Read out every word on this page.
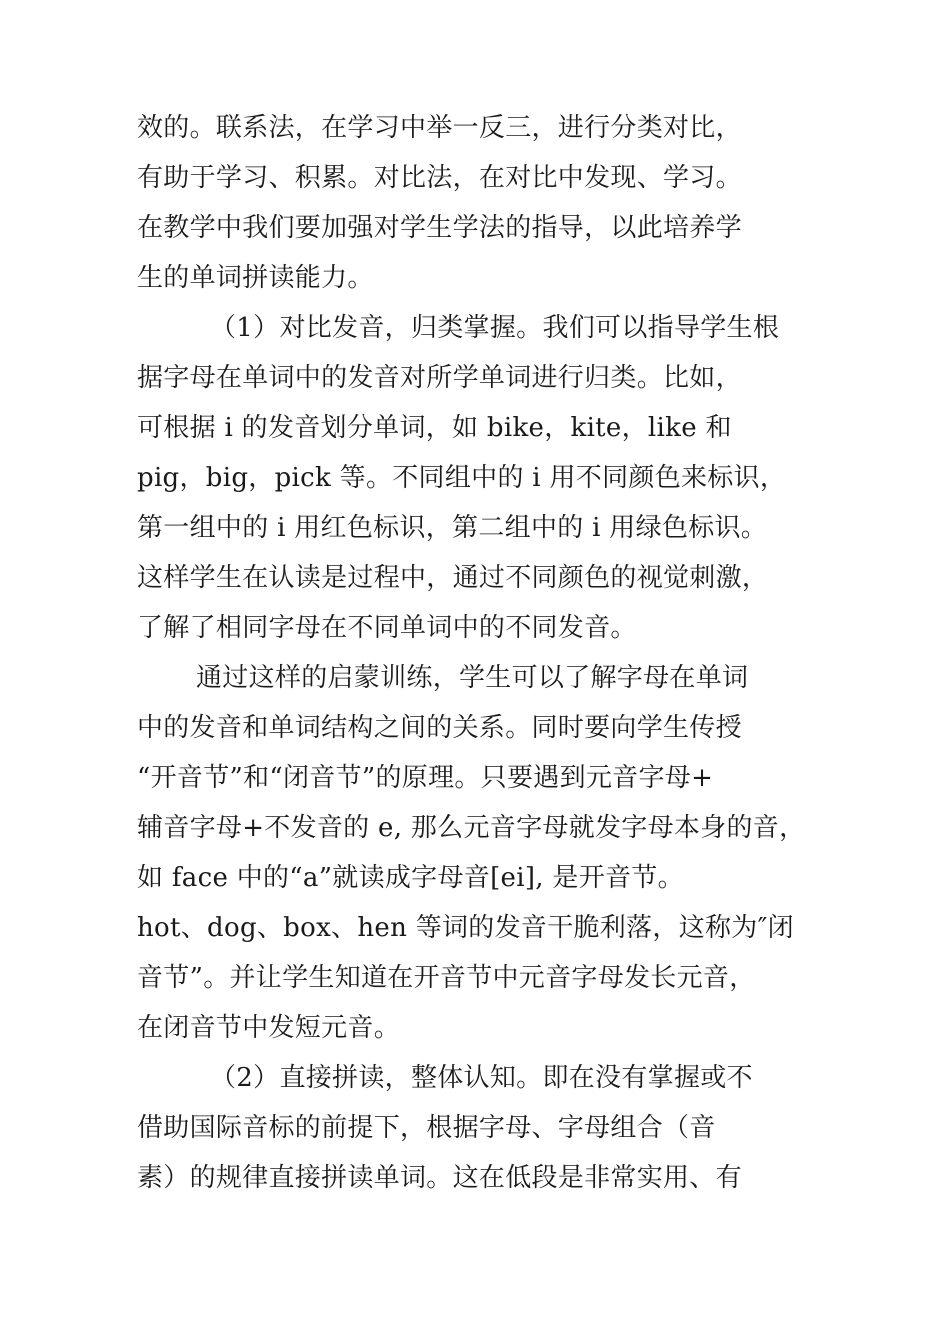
效的。联系法，在学习中举一反三，进行分类对比，
有助于学习、积累。对比法，在对比中发现、学习。
在教学中我们要加强对学生学法的指导，以此培养学
生的单词拼读能力。
（1）对比发音，归类掌握。我们可以指导学生根
据字母在单词中的发音对所学单词进行归类。比如，
可根据 i 的发音划分单词，如 bike，kite，like 和
pig，big，pick 等。不同组中的 i 用不同颜色来标识，
第一组中的 i 用红色标识，第二组中的 i 用绿色标识。
这样学生在认读是过程中，通过不同颜色的视觉刺激，
了解了相同字母在不同单词中的不同发音。
通过这样的启蒙训练，学生可以了解字母在单词
中的发音和单词结构之间的关系。同时要向学生传授
“开音节”和“闭音节”的原理。只要遇到元音字母+
辅音字母+不发音的 e, 那么元音字母就发字母本身的音，
如 face 中的“a”就读成字母音[ei], 是开音节。
hot、dog、box、hen 等词的发音干脆利落，这称为″闭
音节”。并让学生知道在开音节中元音字母发长元音，
在闭音节中发短元音。
（2）直接拼读，整体认知。即在没有掌握或不
借助国际音标的前提下，根据字母、字母组合（音
素）的规律直接拼读单词。这在低段是非常实用、有
